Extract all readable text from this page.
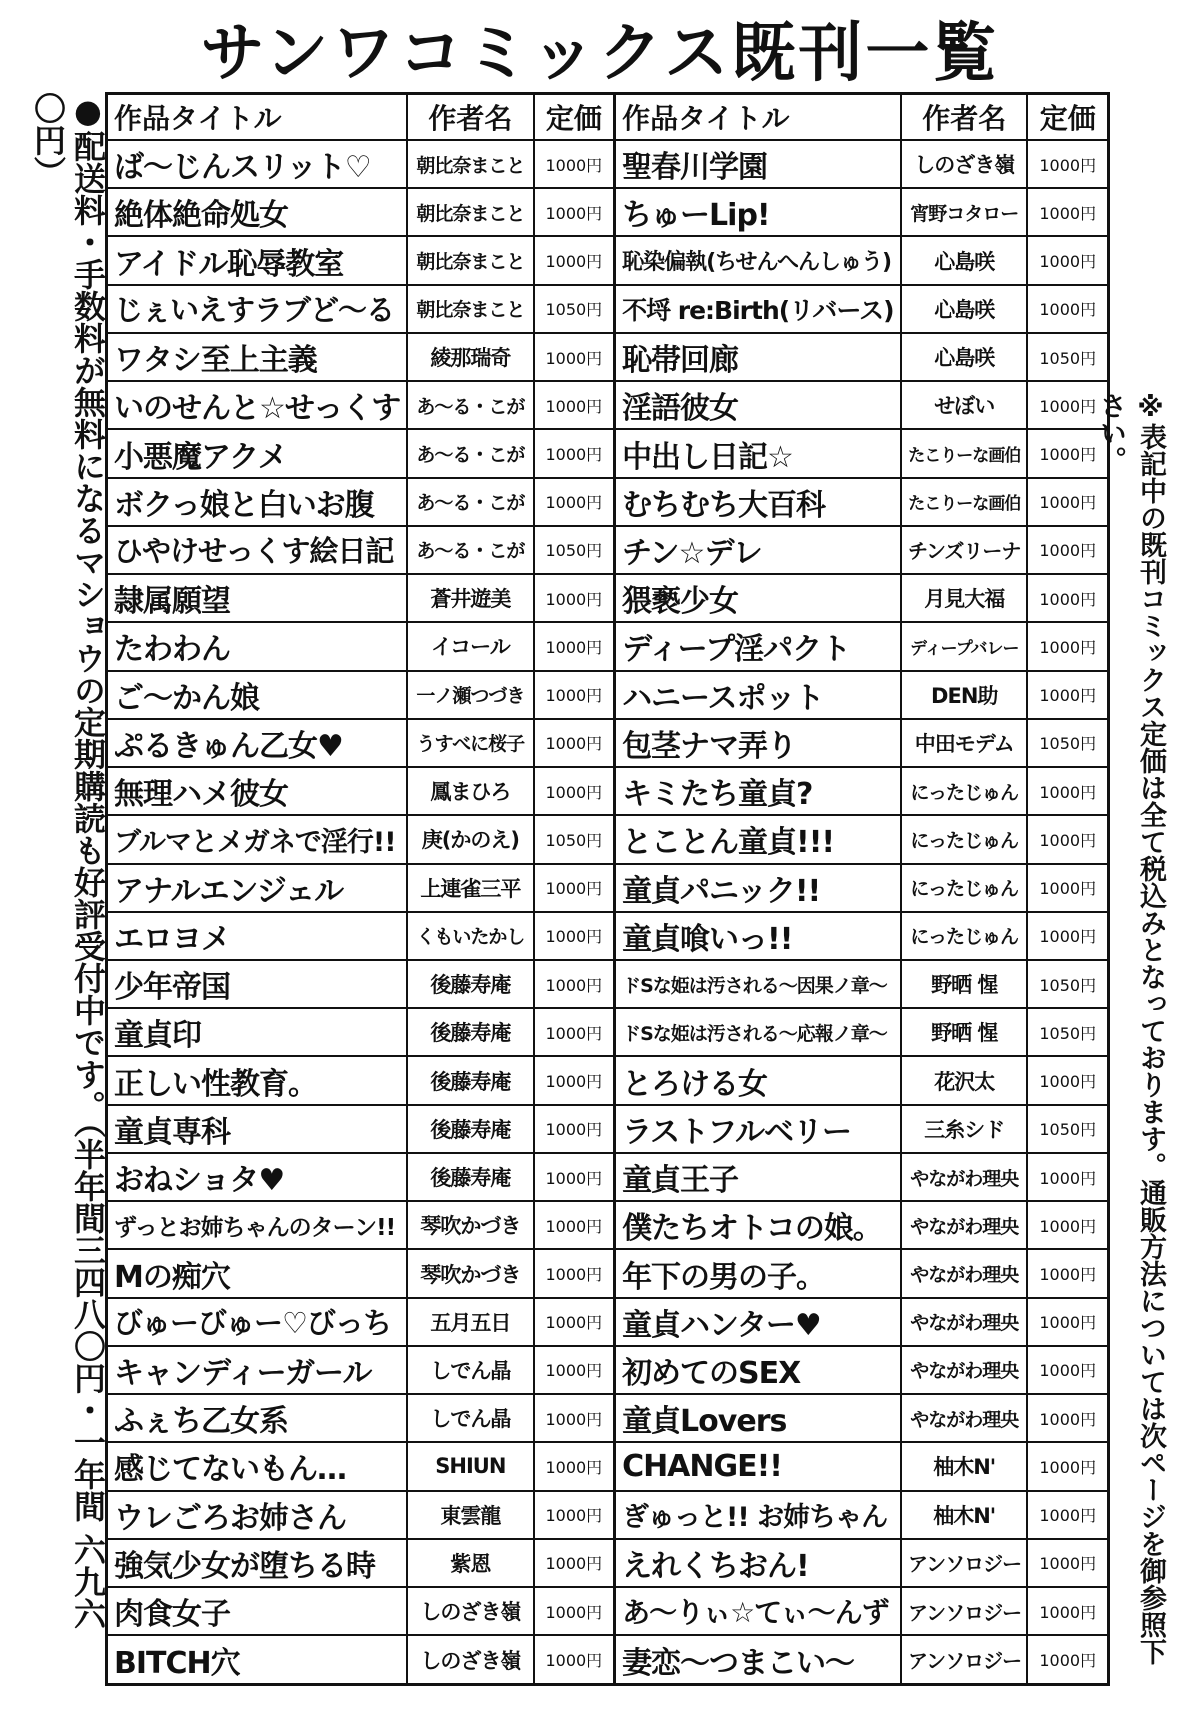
サンワコミックス既刊一覧
●配送料・手数料が無料になるマショウの定期購読も好評受付中です。（半年間三四八〇円・一年間 六九六〇円）	作品タイトル	作者名	定価	作品タイトル	作者名	定価
ば～じんスリット♡	朝比奈まこと	1000円	聖春川学園	しのざき嶺	1000円
絶体絶命処女	朝比奈まこと	1000円	ちゅーLip!	宵野コタロー	1000円
アイドル恥辱教室	朝比奈まこと	1000円	恥染偏執(ちせんへんしゅう)	心島咲	1000円
じぇいえすラブど～る	朝比奈まこと	1050円	不埒 re:Birth(リバース)	心島咲	1000円
ワタシ至上主義	綾那瑞奇	1000円	恥帯回廊	心島咲	1050円
いのせんと☆せっくす	あ～る・こが	1000円	淫語彼女	せぼい	1000円
小悪魔アクメ	あ～る・こが	1000円	中出し日記☆	たこりーな画伯	1000円
ボクっ娘と白いお腹	あ～る・こが	1000円	むちむち大百科	たこりーな画伯	1000円
ひやけせっくす絵日記	あ～る・こが	1050円	チン☆デレ	チンズリーナ	1000円
隷属願望	蒼井遊美	1000円	猥褻少女	月見大福	1000円
たわわん	イコール	1000円	ディープ淫パクト	ディープバレー	1000円
ご～かん娘	一ノ瀬つづき	1000円	ハニースポット	DEN助	1000円
ぷるきゅん乙女♥	うすべに桜子	1000円	包茎ナマ弄り	中田モデム	1050円
無理ハメ彼女	鳳まひろ	1000円	キミたち童貞?	にったじゅん	1000円
ブルマとメガネで淫行!!	庚(かのえ)	1050円	とことん童貞!!!	にったじゅん	1000円
アナルエンジェル	上連雀三平	1000円	童貞パニック!!	にったじゅん	1000円
エロヨメ	くもいたかし	1000円	童貞喰いっ!!	にったじゅん	1000円
少年帝国	後藤寿庵	1000円	ドSな姫は汚される～因果ノ章～	野晒 惺	1050円
童貞印	後藤寿庵	1000円	ドSな姫は汚される～応報ノ章～	野晒 惺	1050円
正しい性教育。	後藤寿庵	1000円	とろける女	花沢太	1000円
童貞専科	後藤寿庵	1000円	ラストフルベリー	三糸シド	1050円
おねショタ♥	後藤寿庵	1000円	童貞王子	やながわ理央	1000円
ずっとお姉ちゃんのターン!!	琴吹かづき	1000円	僕たちオトコの娘。	やながわ理央	1000円
Mの痴穴	琴吹かづき	1000円	年下の男の子。	やながわ理央	1000円
びゅーびゅー♡びっち	五月五日	1000円	童貞ハンター♥	やながわ理央	1000円
キャンディーガール	しでん晶	1000円	初めてのSEX	やながわ理央	1000円
ふぇち乙女系	しでん晶	1000円	童貞Lovers	やながわ理央	1000円
感じてないもん…	SHIUN	1000円	CHANGE!!	柚木N'	1000円
ウレごろお姉さん	東雲龍	1000円	ぎゅっと!! お姉ちゃん	柚木N'	1000円
強気少女が堕ちる時	紫恩	1000円	えれくちおん!	アンソロジー	1000円
肉食女子	しのざき嶺	1000円	あ～りぃ☆てぃ～んず	アンソロジー	1000円
BITCH穴	しのざき嶺	1000円	妻恋～つまこい～	アンソロジー	1000円	※表記中の既刊コミックス定価は全て税込みとなっております。通販方法については次ページを御参照下さい。
